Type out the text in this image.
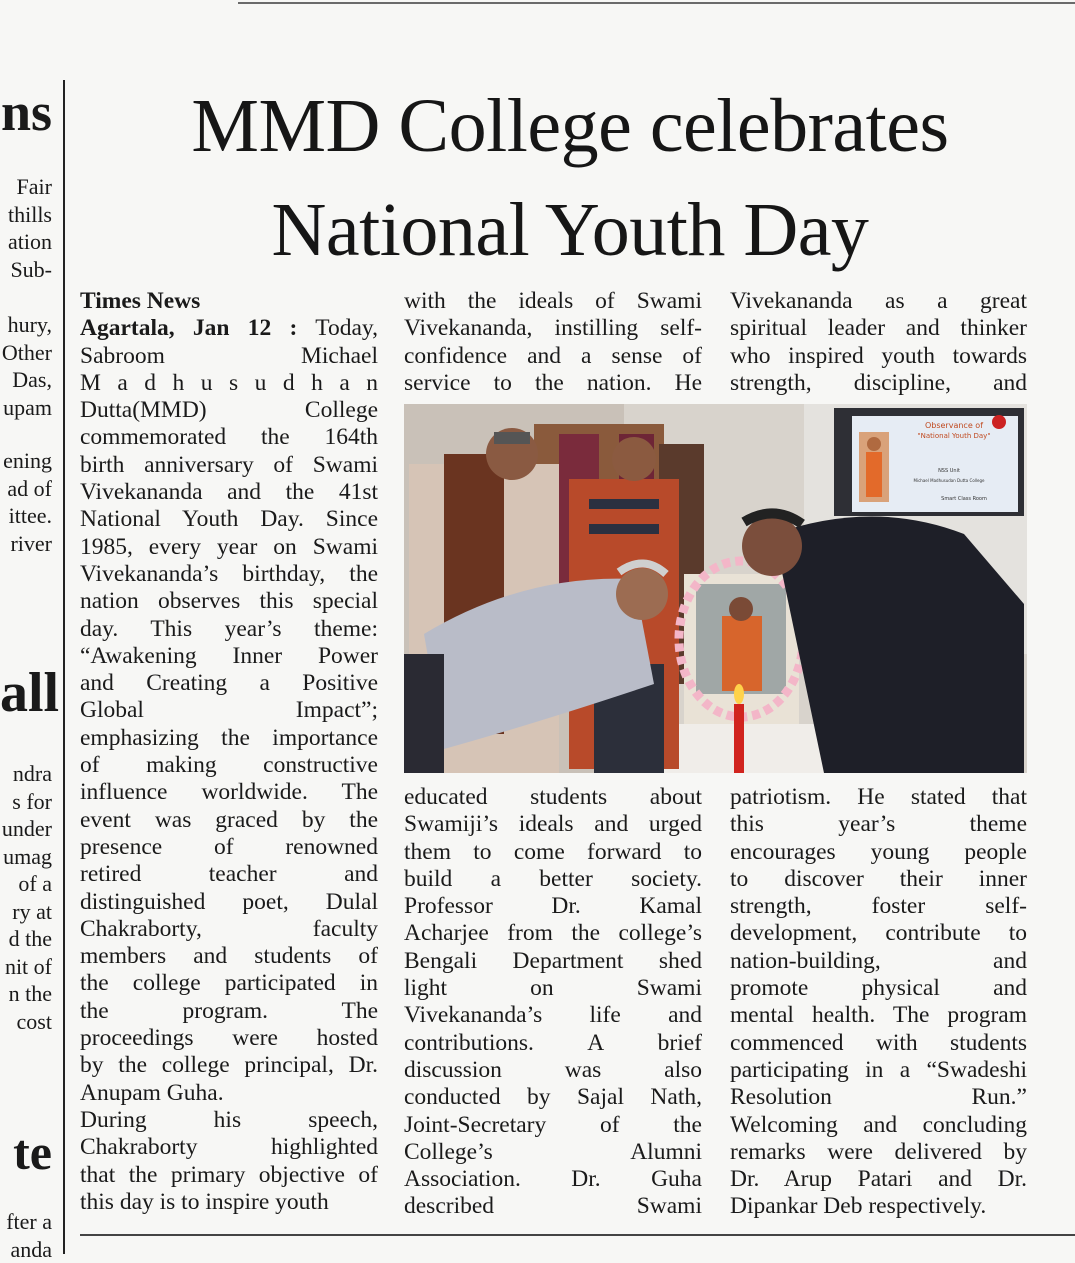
ns
Fair
thills
ation
Sub-
hury,
Other
Das,
upam
ening
ad of
ittee.
river
all
ndra
s for
under
umag
of a
ry at
d the
nit of
n the
cost
te
fter a
anda
MMD College celebrates
National Youth Day
Times News
Agartala, Jan 12 : Today,
Sabroom Michael
M a d h u s u d h a n
Dutta(MMD) College
commemorated the 164th
birth anniversary of Swami
Vivekananda and the 41st
National Youth Day. Since
1985, every year on Swami
Vivekananda’s birthday, the
nation observes this special
day. This year’s theme:
“Awakening Inner Power
and Creating a Positive
Global Impact”;
emphasizing the importance
of making constructive
influence worldwide. The
event was graced by the
presence of renowned
retired teacher and
distinguished poet, Dulal
Chakraborty, faculty
members and students of
the college participated in
the program. The
proceedings were hosted
by the college principal, Dr.
Anupam Guha.
During his speech,
Chakraborty highlighted
that the primary objective of
this day is to inspire youth
with the ideals of Swami
Vivekananda, instilling self-
confidence and a sense of
service to the nation. He
Vivekananda as a great
spiritual leader and thinker
who inspired youth towards
strength, discipline, and
Observance of
"National Youth Day"
NSS Unit
Michael Madhusudan Dutta College
Smart Class Room
educated students about
Swamiji’s ideals and urged
them to come forward to
build a better society.
Professor Dr. Kamal
Acharjee from the college’s
Bengali Department shed
light on Swami
Vivekananda’s life and
contributions. A brief
discussion was also
conducted by Sajal Nath,
Joint-Secretary of the
College’s Alumni
Association. Dr. Guha
described Swami
patriotism. He stated that
this year’s theme
encourages young people
to discover their inner
strength, foster self-
development, contribute to
nation-building, and
promote physical and
mental health. The program
commenced with students
participating in a “Swadeshi
Resolution Run.”
Welcoming and concluding
remarks were delivered by
Dr. Arup Patari and Dr.
Dipankar Deb respectively.
